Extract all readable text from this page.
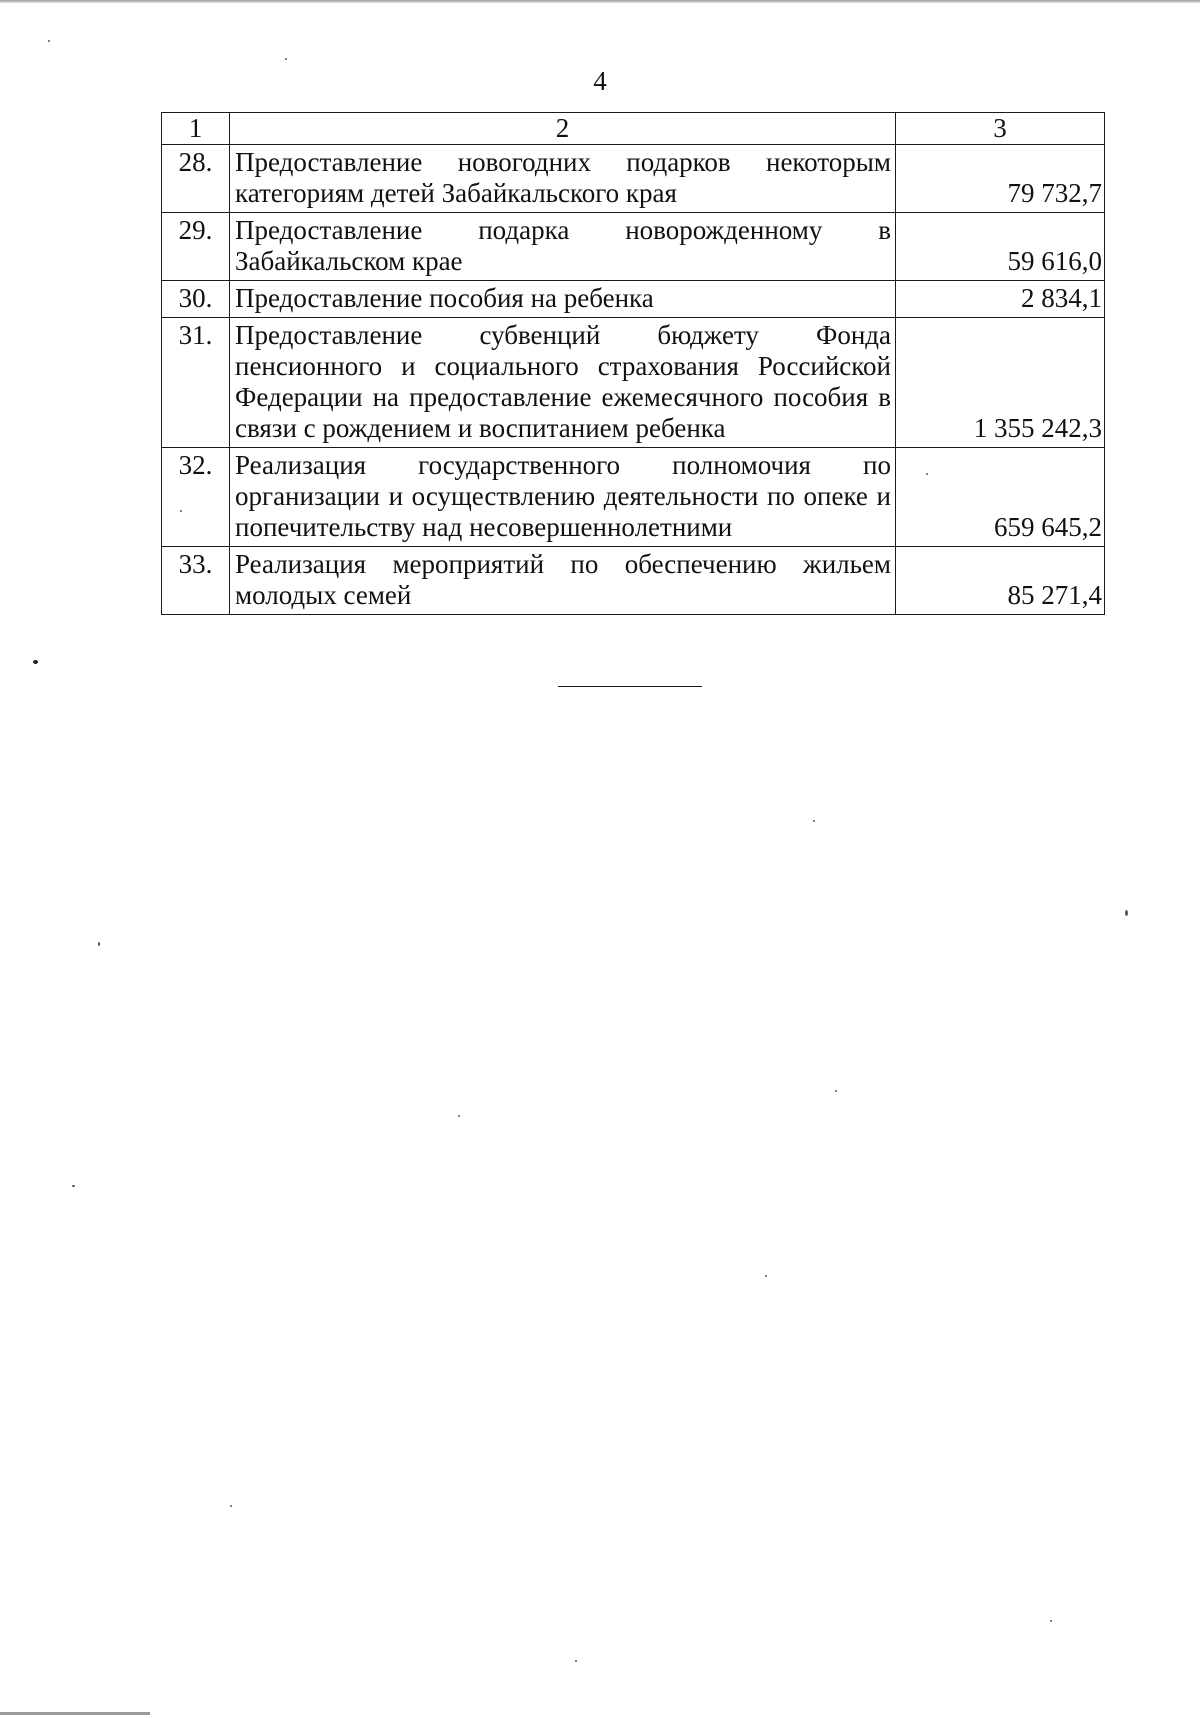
4
1	2	3
28.	Предоставление новогодних подарков некоторым категориям детей Забайкальского края	79 732,7
29.	Предоставление подарка новорожденному в Забайкальском крае	59 616,0
30.	Предоставление пособия на ребенка	2 834,1
31.	Предоставление субвенций бюджету Фонда пенсионного и социального страхования Российской Федерации на предоставление ежемесячного пособия в связи с рождением и воспитанием ребенка	1 355 242,3
32.	Реализация государственного полномочия по организации и осуществлению деятельности по опеке и попечительству над несовершеннолетними	659 645,2
33.	Реализация мероприятий по обеспечению жильем молодых семей	85 271,4
